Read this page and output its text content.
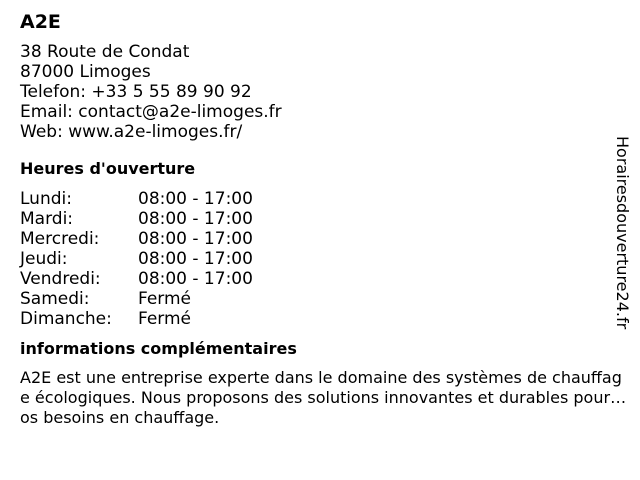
A2E
38 Route de Condat
87000 Limoges
Telefon: +33 5 55 89 90 92
Email: contact@a2e-limoges.fr
Web: www.a2e-limoges.fr/
Heures d'ouverture
Lundi:	08:00 - 17:00
Mardi:	08:00 - 17:00
Mercredi:	08:00 - 17:00
Jeudi:	08:00 - 17:00
Vendredi:	08:00 - 17:00
Samedi:	Fermé
Dimanche:	Fermé
informations complémentaires
A2E est une entreprise experte dans le domaine des systèmes de chauffage écologiques. Nous proposons des solutions innovantes et durables pour vos besoins en chauffage.
Horairesdouverture24.fr
